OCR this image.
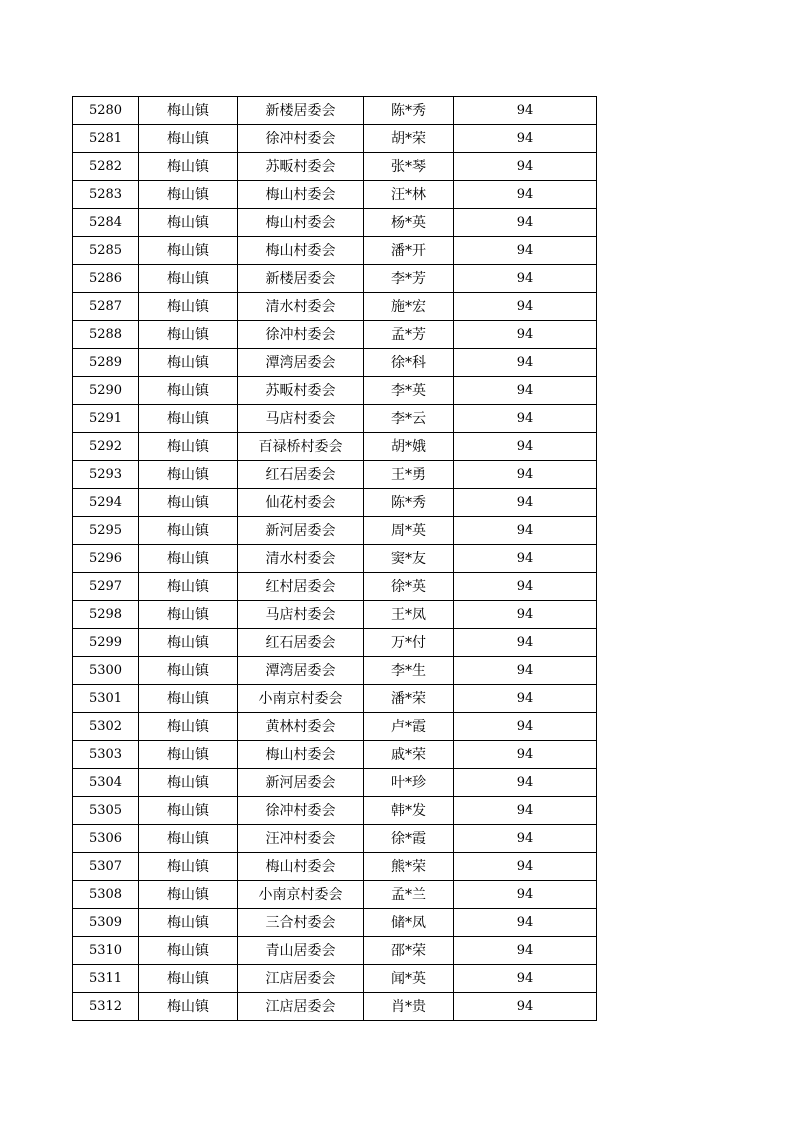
5280	梅山镇	新楼居委会	陈*秀	94
5281	梅山镇	徐冲村委会	胡*荣	94
5282	梅山镇	苏畈村委会	张*琴	94
5283	梅山镇	梅山村委会	汪*林	94
5284	梅山镇	梅山村委会	杨*英	94
5285	梅山镇	梅山村委会	潘*开	94
5286	梅山镇	新楼居委会	李*芳	94
5287	梅山镇	清水村委会	施*宏	94
5288	梅山镇	徐冲村委会	孟*芳	94
5289	梅山镇	潭湾居委会	徐*科	94
5290	梅山镇	苏畈村委会	李*英	94
5291	梅山镇	马店村委会	李*云	94
5292	梅山镇	百禄桥村委会	胡*娥	94
5293	梅山镇	红石居委会	王*勇	94
5294	梅山镇	仙花村委会	陈*秀	94
5295	梅山镇	新河居委会	周*英	94
5296	梅山镇	清水村委会	窦*友	94
5297	梅山镇	红村居委会	徐*英	94
5298	梅山镇	马店村委会	王*凤	94
5299	梅山镇	红石居委会	万*付	94
5300	梅山镇	潭湾居委会	李*生	94
5301	梅山镇	小南京村委会	潘*荣	94
5302	梅山镇	黄林村委会	卢*霞	94
5303	梅山镇	梅山村委会	戚*荣	94
5304	梅山镇	新河居委会	叶*珍	94
5305	梅山镇	徐冲村委会	韩*发	94
5306	梅山镇	汪冲村委会	徐*霞	94
5307	梅山镇	梅山村委会	熊*荣	94
5308	梅山镇	小南京村委会	孟*兰	94
5309	梅山镇	三合村委会	储*凤	94
5310	梅山镇	青山居委会	邵*荣	94
5311	梅山镇	江店居委会	闻*英	94
5312	梅山镇	江店居委会	肖*贵	94
